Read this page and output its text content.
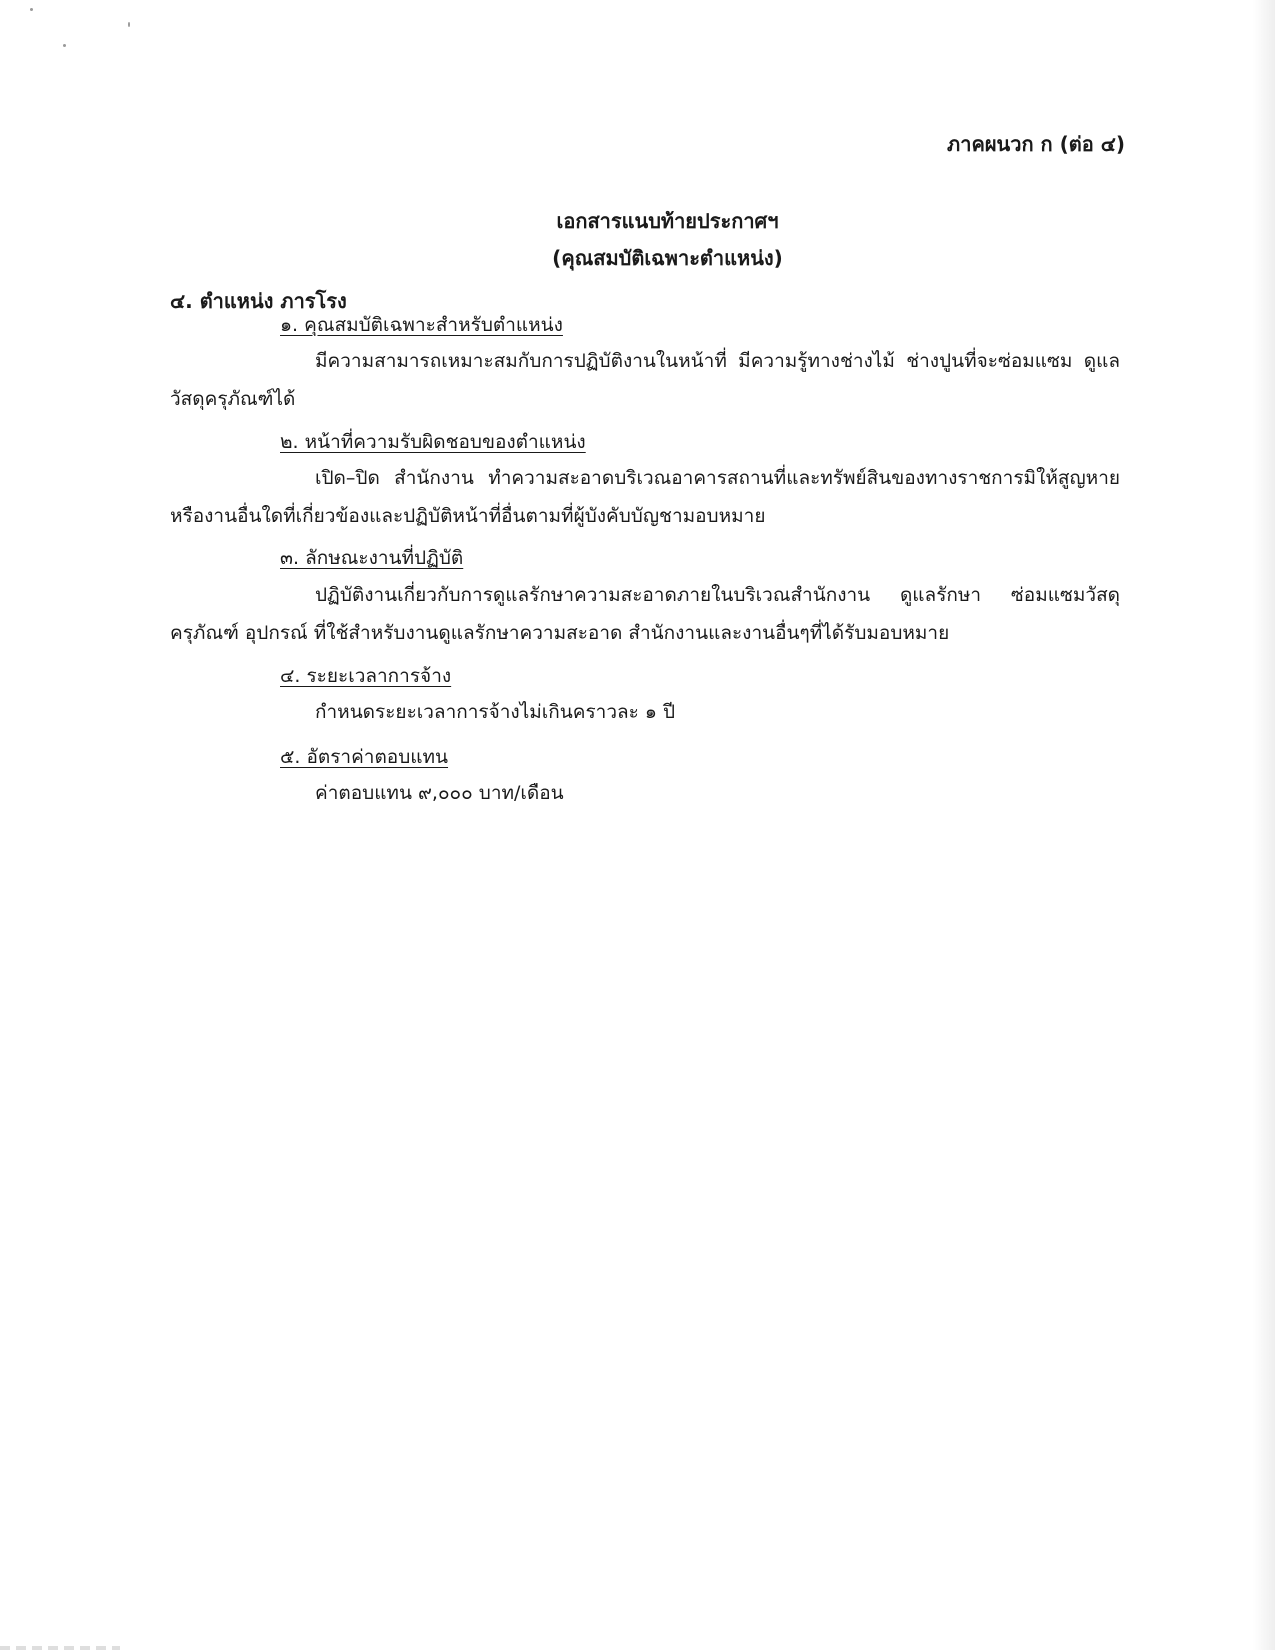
ภาคผนวก ก (ต่อ ๔)
เอกสารแนบท้ายประกาศฯ
(คุณสมบัติเฉพาะตำแหน่ง)
๔. ตำแหน่ง ภารโรง
๑. คุณสมบัติเฉพาะสำหรับตำแหน่ง
มีความสามารถเหมาะสมกับการปฏิบัติงานในหน้าที่ มีความรู้ทางช่างไม้ ช่างปูนที่จะซ่อมแซม ดูแลวัสดุครุภัณฑ์ได้
๒. หน้าที่ความรับผิดชอบของตำแหน่ง
เปิด–ปิด สำนักงาน ทำความสะอาดบริเวณอาคารสถานที่และทรัพย์สินของทางราชการมิให้สูญหายหรืองานอื่นใดที่เกี่ยวข้องและปฏิบัติหน้าที่อื่นตามที่ผู้บังคับบัญชามอบหมาย
๓. ลักษณะงานที่ปฏิบัติ
ปฏิบัติงานเกี่ยวกับการดูแลรักษาความสะอาดภายในบริเวณสำนักงาน ดูแลรักษา ซ่อมแซมวัสดุครุภัณฑ์ อุปกรณ์ ที่ใช้สำหรับงานดูแลรักษาความสะอาด สำนักงานและงานอื่นๆที่ได้รับมอบหมาย
๔. ระยะเวลาการจ้าง
กำหนดระยะเวลาการจ้างไม่เกินคราวละ ๑ ปี
๕. อัตราค่าตอบแทน
ค่าตอบแทน ๙,๐๐๐ บาท/เดือน
